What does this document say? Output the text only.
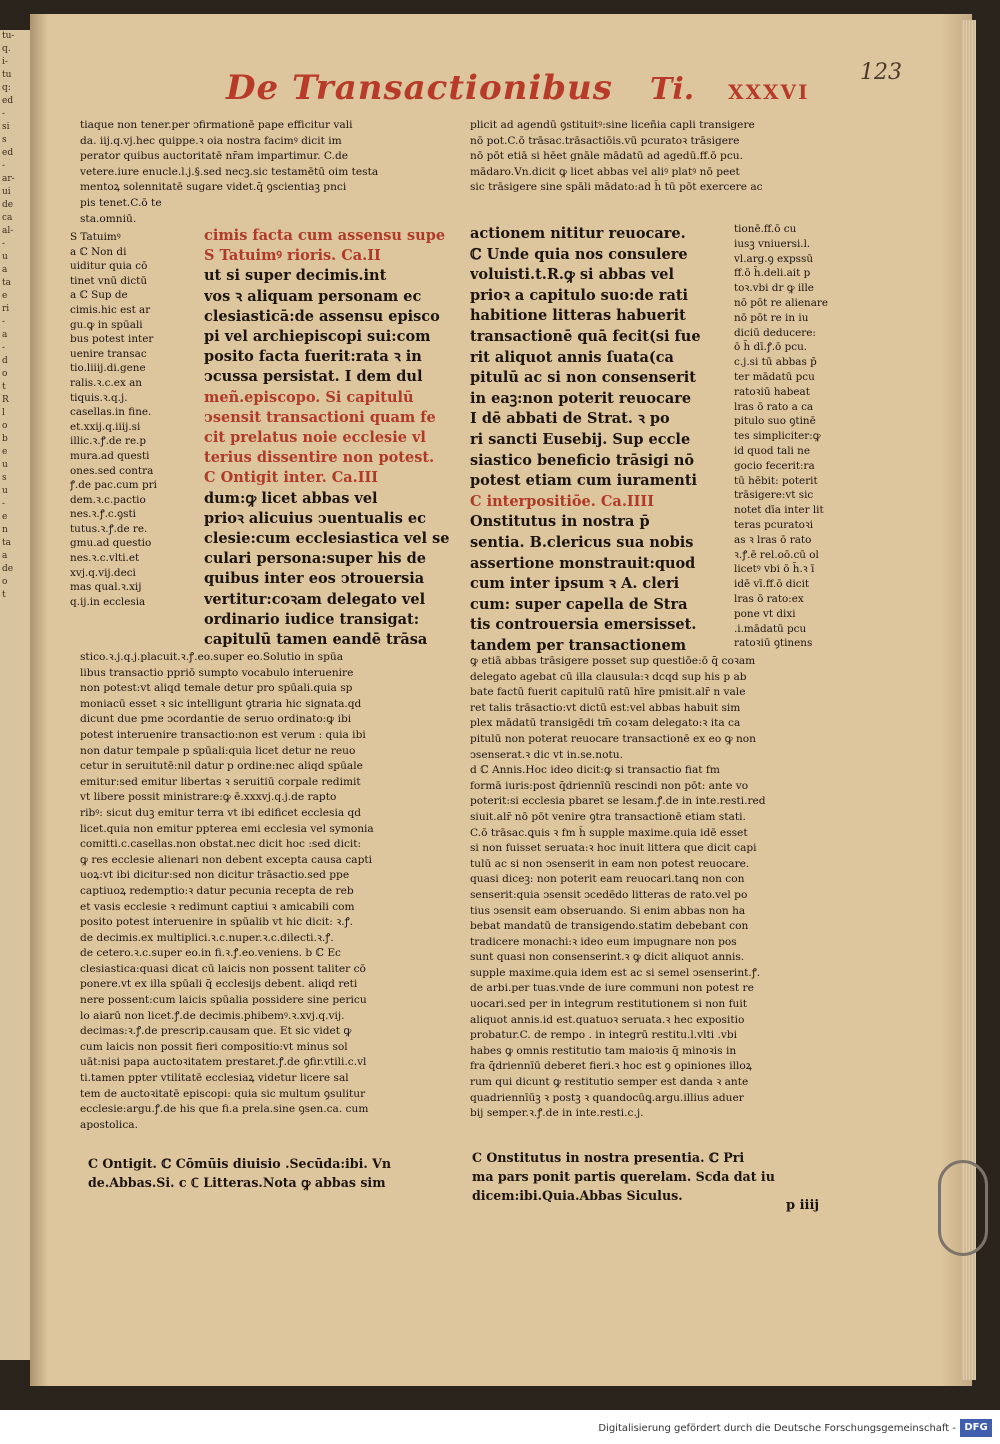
tu-
q.
i-
tu
q:
ed
-
si
s
ed
-
ar-
ui
de
ca
al-
-
u
a
ta
e
ri
-
a
-
d
o
t
R
l
o
b
e
u
s
u
-
e
n
ta
a
de
o
t
De Transactionibus Ti. XXXVI
123
tiaque non tener.per ↄfirmationē pape efficitur vali
da. iij.q.vj.hec quippe.ꝛ oia nostra facimꝰ dicit im
perator quibus auctoritatē nr̄am impartimur. C.de
vetere.iure enucle.l.j.§.sed necꝫ.sic testamētū oim testa
mentoꝝ solennitatē sugare videt.q̄ ꝯscientiaꝫ pnci
pis tenet.C.ō te
sta.omniū.
plicit ad agendū ꝯstituitꝰ:sine liceñia capli transigere
nō pot.C.ō trāsac.trāsactiōis.vū pcuratoꝛ trāsigere
nō pōt etiā si hēet gnāle mādatū ad agedū.ff.ō pcu.
mādaro.Vn.dicit ꝙ licet abbas vel aliꝰ platꝰ nō peet
sic trāsigere sine spāli mādato:ad h̄ tū pōt exercere ac
S Tatuimꝰ
a ℂ Non di
uiditur quia cō
tinet vnū dictū
a ℂ Sup de
cimis.hic est ar
gu.ꝙ in spūali
bus potest inter
uenire transac
tio.liiij.di.gene
ralis.ꝛ.c.ex an
tiquis.ꝛ.q.j.
casellas.in fine.
et.xxij.q.iiij.si
illic.ꝛ.ꝭ.de re.p
mura.ad questi
ones.sed contra
ꝭ.de pac.cum pri
dem.ꝛ.c.pactio
nes.ꝛ.ꝭ.c.ꝯsti
tutus.ꝛ.ꝭ.de re.
gmu.ad questio
nes.ꝛ.c.vlti.et
xvj.q.vij.deci
mas qual.ꝛ.xij
q.ij.in ecclesia
cimis facta cum assensu supe
S Tatuimꝰ rioris. Ca.II
ut si super decimis.int
vos ꝛ aliquam personam ec
clesiasticā:de assensu episco
pi vel archiepiscopi sui:com
posito facta fuerit:rata ꝛ in
ↄcussa persistat. I dem dul
meñ.episcopo. Si capitulū
ↄsensit transactioni quam fe
cit prelatus noie ecclesie vl
terius dissentire non potest.
C Ontigit inter. Ca.III
dum:ꝙ licet abbas vel
prioꝛ alicuius ↄuentualis ec
clesie:cum ecclesiastica vel se
culari persona:super his de
quibus inter eos ↄtrouersia
vertitur:coꝛam delegato vel
ordinario iudice transigat:
capitulū tamen eandē trāsa
actionem nititur reuocare.
ℂ Unde quia nos consulere
voluisti.t.R.ꝙ si abbas vel
prioꝛ a capitulo suo:de rati
habitione litteras habuerit
transactionē quā fecit(si fue
rit aliquot annis ſuata(ca
pitulū ac si non consenserit
in eaꝫ:non poterit reuocare
I dē abbati de Strat. ꝛ po
ri sancti Eusebij. Sup eccle
siastico beneficio trāsigi nō
potest etiam cum iuramenti
C interpositiōe. Ca.IIII
Onstitutus in nostra p̄
sentia. B.clericus sua nobis
assertione monstrauit:quod
cum inter ipsum ꝛ A. cleri
cum: super capella de Stra
tis controuersia emersisset.
tandem per transactionem
tionē.ff.ō cu
iusꝫ vniuersi.l.
vl.arg.ꝯ expssū
ff.ō h̄.deli.ait p
toꝛ.vbi dr ꝙ ille
nō pōt re alienare
nō pōt re in iu
diciū deducere:
ō h̄ dī.ꝭ.ō pcu.
c.j.si tū abbas p̄
ter mādatū pcu
ratoꝛiū habeat
lras ō rato a ca
pitulo suo ꝯtinē
tes simpliciter:ꝙ
id quod tali ne
gocio fecerit:ra
tū hēbit: poterit
trāsigere:vt sic
notet dīa inter lit
teras pcuratoꝛi
as ꝛ lras ō rato
ꝛ.ꝭ.ē rel.oō.cū ol
licetꝰ vbi ō h̄.ꝛ ī
idē vī.ff.ō dicit
lras ō rato:ex
pone vt dixi
.i.mādatū pcu
ratoꝛiū ꝯtinens
stico.ꝛ.j.q.j.placuit.ꝛ.ꝭ.eo.super eo.Solutio in spūa
libus transactio ppriō sumpto vocabulo interuenire
non potest:vt aliqd temale detur pro spūali.quia sp
moniacū esset ꝛ sic intelligunt ꝯtraria hic signata.qd
dicunt due pme ↄcordantie de seruo ordinato:ꝙ ibi
potest interuenire transactio:non est verum : quia ibi
non datur tempale p spūali:quia licet detur ne reuo
cetur in seruitutē:nil datur p ordine:nec aliqd spūale
emitur:sed emitur libertas ꝛ seruitiū corpale redimit
vt libere possit ministrare:ꝙ ē.xxxvj.q.j.de rapto
ribꝰ: sicut duꝫ emitur terra vt ibi edificet ecclesia qd
licet.quia non emitur ppterea emi ecclesia vel symonia
comitti.c.casellas.non obstat.nec dicit hoc :sed dicit:
ꝙ res ecclesie alienari non debent excepta causa capti
uoꝝ:vt ibi dicitur:sed non dicitur trāsactio.sed ppe
captiuoꝝ redemptio:ꝛ datur pecunia recepta de reb
et vasis ecclesie ꝛ redimunt captiui ꝛ amicabili com
posito potest interuenire in spūalib vt hic dicit: ꝛ.ꝭ.
de decimis.ex multiplici.ꝛ.c.nuper.ꝛ.c.dilecti.ꝛ.ꝭ.
de cetero.ꝛ.c.super eo.in fi.ꝛ.ꝭ.eo.veniens. b ℂ Ec
clesiastica:quasi dicat cū laicis non possent taliter cō
ponere.vt ex illa spūali q̄ ecclesijs debent. aliqd reti
nere possent:cum laicis spūalia possidere sine pericu
lo aiarū non licet.ꝭ.de decimis.phibemꝰ.ꝛ.xvj.q.vij.
decimas:ꝛ.ꝭ.de prescrip.causam que. Et sic videt ꝙ
cum laicis non possit fieri compositio:vt minus sol
uāt:nisi papa auctoꝛitatem prestaret.ꝭ.de ꝯfir.vtili.c.vl
ti.tamen ppter vtilitatē ecclesiaꝝ videtur licere sal
tem de auctoꝛitatē episcopi: quia sic multum ꝯsulitur
ecclesie:argu.ꝭ.de his que fi.a prela.sine ꝯsen.ca. cum
apostolica.
ꝙ etiā abbas trāsigere posset sup questiōe:ō q̄ coꝛam
delegato agebat cū illa clausula:ꝛ dcqd sup his p ab
bate factū fuerit capitulū ratū hīre pmisit.alr̄ n vale
ret talis trāsactio:vt dictū est:vel abbas habuit sim
plex mādatū transigēdi tm̄ coꝛam delegato:ꝛ ita ca
pitulū non poterat reuocare transactionē ex eo ꝙ non
ↄsenserat.ꝛ dic vt in.se.notu.
d ℂ Annis.Hoc ideo dicit:ꝙ si transactio fiat fm
formā iuris:post q̄driennīū rescindi non pōt: ante vo
poterit:si ecclesia pbaret se lesam.ꝭ.de in inte.resti.red
siuit.alr̄ nō pōt venire ꝯtra transactionē etiam stati.
C.ō trāsac.ꝗuis ꝛ fm h̄ supple maxime.quia idē esset
si non fuisset seruata:ꝛ hoc inuit littera que dicit capi
tulū ac si non ↄsenserit in eam non potest reuocare.
quasi diceꝫ: non poterit eam reuocari.tanꝗ non con
senserit:quia ↄsensit ↄcedēdo litteras de rato.vel po
tius ↄsensit eam obseruando. Si enim abbas non ha
bebat mandatū de transigendo.statim debebant con
tradicere monachi:ꝛ ideo eum impugnare non pos
sunt quasi non consenserint.ꝛ ꝙ dicit aliquot annis.
supple maxime.quia idem est ac si semel ↄsenserint.ꝭ.
de arbi.per tuas.vnde de iure communi non potest re
uocari.sed per in integrum restitutionem si non fuit
aliquot annis.id est.quatuoꝛ seruata.ꝛ hec expositio
probatur.C. de rempo . in integrū restitu.l.vlti .vbi
habes ꝙ omnis restitutio tam maioꝛis q̄ minoꝛis in
fra q̄driennīū deberet fieri.ꝛ hoc est ꝯ opiniones illoꝝ
rum qui dicunt ꝙ restitutio semper est danda ꝛ ante
quadriennīūꝫ ꝛ postꝫ ꝛ quandocūꝗ.argu.illius aduer
bij semper.ꝛ.ꝭ.de in inte.resti.c.j.
C Ontigit. ℂ Cōmūis diuisio .Secūda:ibi. Vn
de.Abbas.Si. c ℂ Litteras.Nota ꝙ abbas sim
C Onstitutus in nostra presentia. ℂ Pri
ma pars ponit partis querelam. Scda dat iu
dicem:ibi.Quia.Abbas Siculus.
p iiij
Digitalisierung gefördert durch die Deutsche Forschungsgemeinschaft - DFG
